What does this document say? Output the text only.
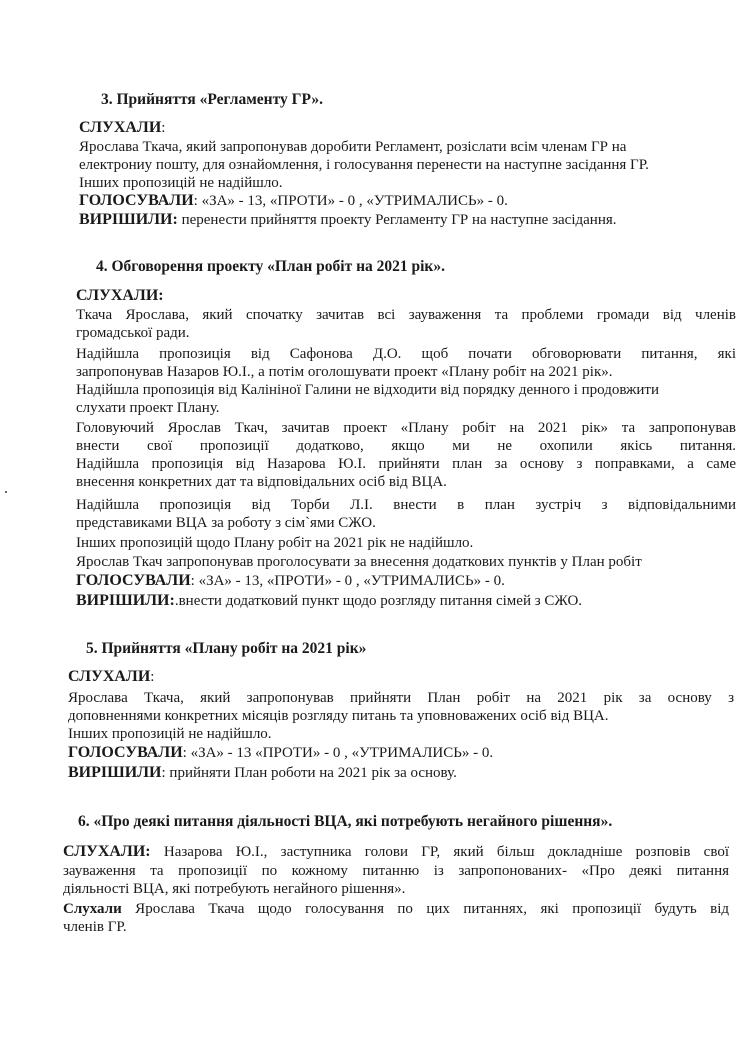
3. Прийняття «Регламенту ГР».
СЛУХАЛИ:
Ярослава Ткача, який запропонував доробити Регламент, розіслати всім членам ГР на
електрониу пошту, для ознайомлення, і голосування перенести на наступне засідання ГР.
Інших пропозицій не надійшло.
ГОЛОСУВАЛИ: «ЗА» - 13, «ПРОТИ» - 0 , «УТРИМАЛИСЬ» - 0.
ВИРІШИЛИ: перенести прийняття проекту Регламенту ГР на наступне засідання.
4. Обговорення проекту «План робіт на 2021 рік».
СЛУХАЛИ:
Ткача Ярослава, який спочатку зачитав всі зауваження та проблеми громади від членів
громадської ради.
Надійшла пропозиція від Сафонова Д.О. щоб почати обговорювати питання, які
запропонував Назаров Ю.І., а потім оголошувати проект «Плану робіт на 2021 рік».
Надійшла пропозиція від Калініної Галини не відходити від порядку денного і продовжити
слухати проект Плану.
Головуючий Ярослав Ткач, зачитав проект «Плану робіт на 2021 рік» та запропонував
внести свої пропозиції додатково, якщо ми не охопили якісь питання.
Надійшла пропозиція від Назарова Ю.І. прийняти план за основу з поправками, а саме
внесення конкретних дат та відповідальних осіб від ВЦА.
Надійшла пропозиція від Торби Л.І. внести в план зустріч з відповідальними
представиками ВЦА за роботу з сім`ями СЖО.
Інших пропозицій щодо Плану робіт на 2021 рік не надійшло.
Ярослав Ткач запропонував проголосувати за внесення додаткових пунктів у План робіт
ГОЛОСУВАЛИ: «ЗА» - 13, «ПРОТИ» - 0 , «УТРИМАЛИСЬ» - 0.
ВИРІШИЛИ:.внести додатковий пункт щодо розгляду питання сімей з СЖО.
5. Прийняття «Плану робіт на 2021 рік»
СЛУХАЛИ:
Ярослава Ткача, який запропонував прийняти План робіт на 2021 рік за основу з
доповненнями конкретних місяців розгляду питань та уповноважених осіб від ВЦА.
Інших пропозицій не надійшло.
ГОЛОСУВАЛИ: «ЗА» - 13 «ПРОТИ» - 0 , «УТРИМАЛИСЬ» - 0.
ВИРІШИЛИ: прийняти План роботи на 2021 рік за основу.
6. «Про деякі питання діяльності ВЦА, які потребують негайного рішення».
СЛУХАЛИ: Назарова Ю.І., заступника голови ГР, який більш докладніше розповів свої
зауваження та пропозиції по кожному питанню із запропонованих- «Про деякі питання
діяльності ВЦА, які потребують негайного рішення».
Слухали Ярослава Ткача щодо голосування по цих питаннях, які пропозиції будуть від
членів ГР.
